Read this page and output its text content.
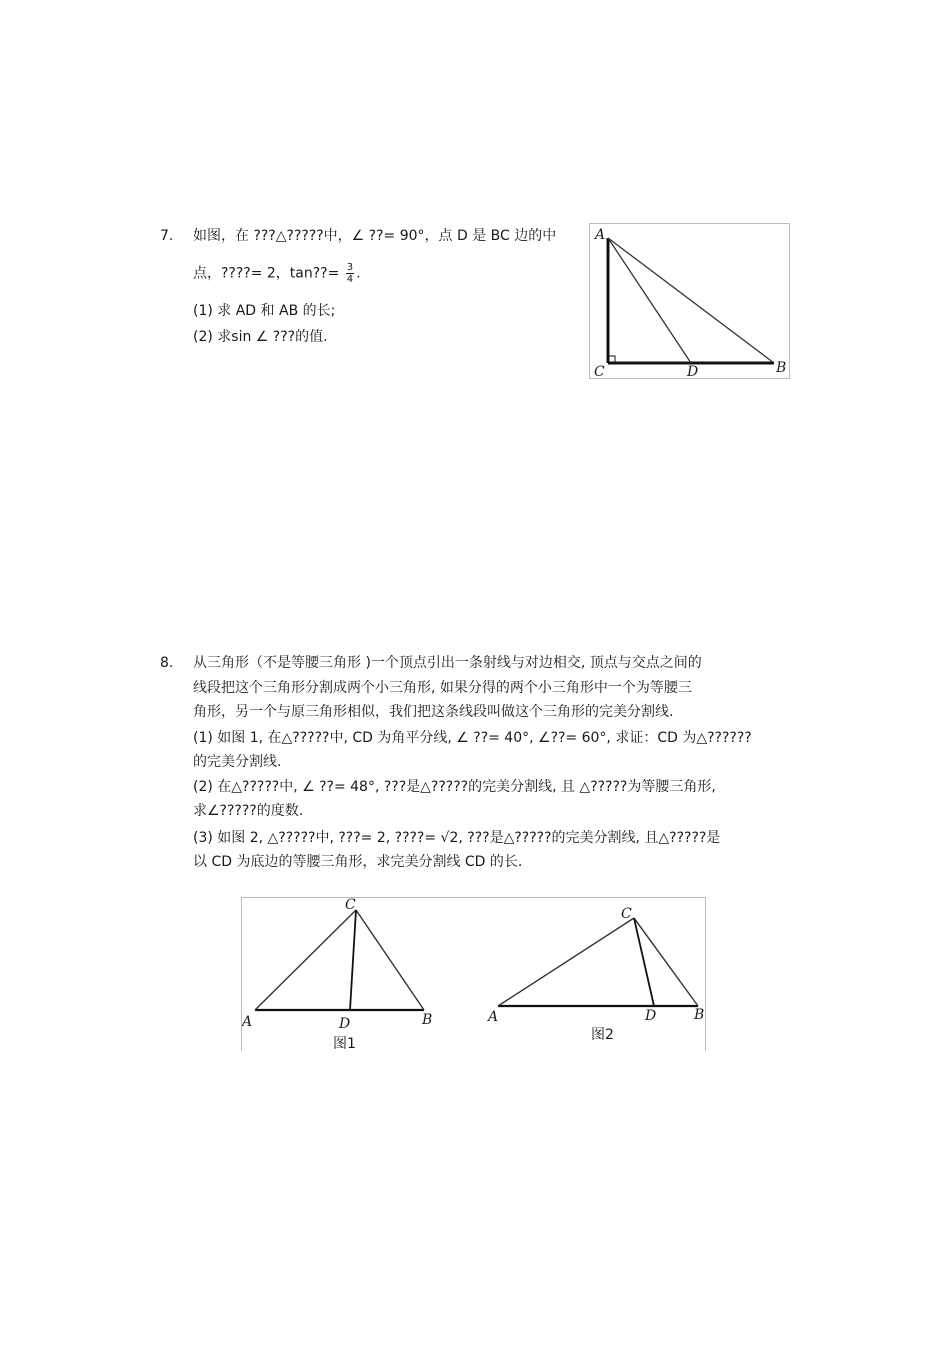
7. 如图，在 ???△?????中，∠ ??= 90°，点 D 是 BC 边的中
点，????= 2，tan??= $\frac{3}{4}$ .
(1) 求 AD 和 AB 的长;
(2) 求sin ∠ ???的值.
A
C	D	B
8. 从三角形（不是等腰三角形 )一个顶点引出一条射线与对边相交, 顶点与交点之间的
线段把这个三角形分割成两个小三角形, 如果分得的两个小三角形中一个为等腰三
角形，另一个与原三角形相似，我们把这条线段叫做这个三角形的完美分割线.
(1) 如图 1, 在△?????中, CD 为角平分线, ∠ ??= 40°, ∠??= 60°, 求证：CD 为△??????
的完美分割线.
(2) 在△?????中, ∠ ??= 48°, ???是△?????的完美分割线, 且 △?????为等腰三角形,
求∠?????的度数.
(3) 如图 2, △?????中, ???= 2, ????= √2, ???是△?????的完美分割线, 且△?????是
以 CD 为底边的等腰三角形，求完美分割线 CD 的长.
A
C
D	B
图1
A
C
D	B
图2
